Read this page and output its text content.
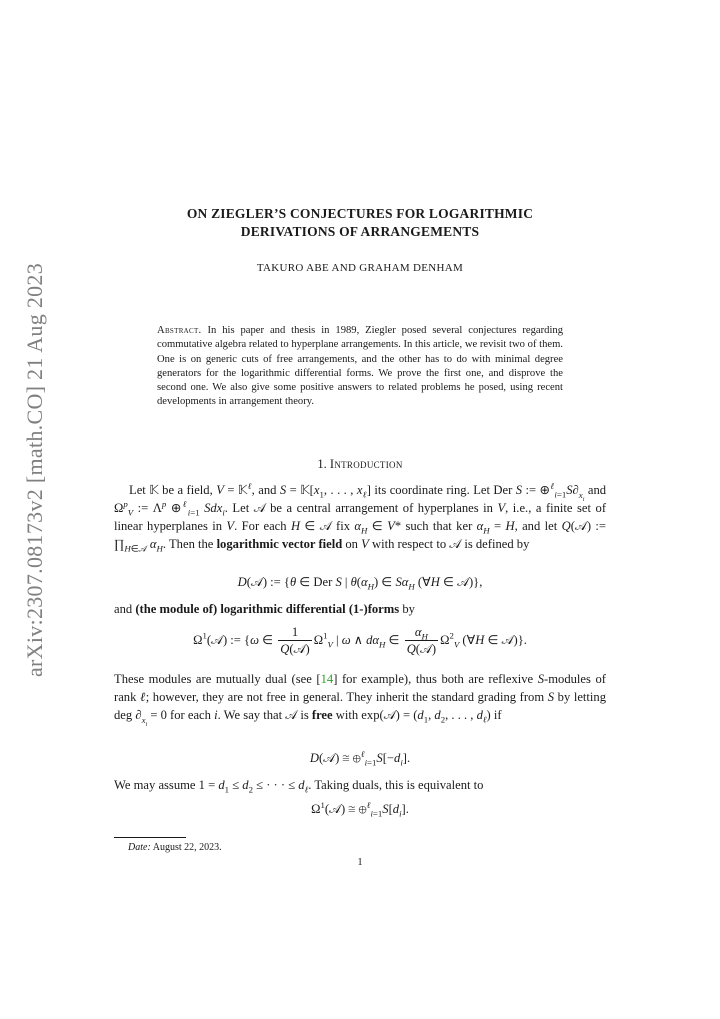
arXiv:2307.08173v2 [math.CO] 21 Aug 2023
ON ZIEGLER’S CONJECTURES FOR LOGARITHMIC
DERIVATIONS OF ARRANGEMENTS
TAKURO ABE AND GRAHAM DENHAM
Abstract. In his paper and thesis in 1989, Ziegler posed several conjectures regarding commutative algebra related to hyperplane arrangements. In this article, we revisit two of them. One is on generic cuts of free arrangements, and the other has to do with minimal degree generators for the logarithmic differential forms. We prove the first one, and disprove the second one. We also give some positive answers to related problems he posed, using recent developments in arrangement theory.
1. Introduction
Let 𝕂 be a field, V = 𝕂$^\ell$, and $S = 𝕂[x_1$, . . . , $x_\ell$] its coordinate ring. Let Der S := $\oplus^\ell_{i=1}S\partial_{x_i}$ and $\Omega^p_V$ := $\Lambda^p$ ⊕$^\ell_{i=1}$ Sdx$_i$. Let 𝒜 be a central arrangement of hyperplanes in V, i.e., a finite set of linear hyperplanes in V. For each H ∈ 𝒜 fix $\alpha_H$ ∈ V* such that ker $\alpha_H = H$, and let Q(𝒜) := $\prod_{H\in 𝒜}$ $\alpha_H$. Then the logarithmic vector field on V with respect to 𝒜 is defined by
D(𝒜) := {θ ∈ Der S | $\theta(\alpha_H)$ ∈ $S\alpha_H$ (∀H ∈ 𝒜)},
and (the module of) logarithmic differential (1-)forms by
$\Omega^1(𝒜)$ := {ω ∈ $\frac{1}{\text{Q(𝒜)}} \Omega^1_V$ | ω ∧ $d\alpha_H$ ∈ $\frac{\alpha_H}{\text{Q(𝒜)}} \Omega^2_V$ (∀H ∈ 𝒜)}.
These modules are mutually dual (see [14] for example), thus both are reflexive S-modules of rank ℓ; however, they are not free in general. They inherit the standard grading from S by letting deg $\partial_{x_i} = 0$ for each i. We say that 𝒜 is free with exp(𝒜) = ($d_1$, $d_2$, . . . , $d_\ell$) if
D(𝒜) ≅ $\oplus^\ell_{i=1}S[-d_i]$.
We may assume $1 = d_1 \le d_2$ ≤ · · · ≤ $d_\ell$. Taking duals, this is equivalent to
$\Omega^1(𝒜)$ ≅ $\oplus^\ell_{i=1}S[d_i]$.
Date: August 22, 2023.
1
